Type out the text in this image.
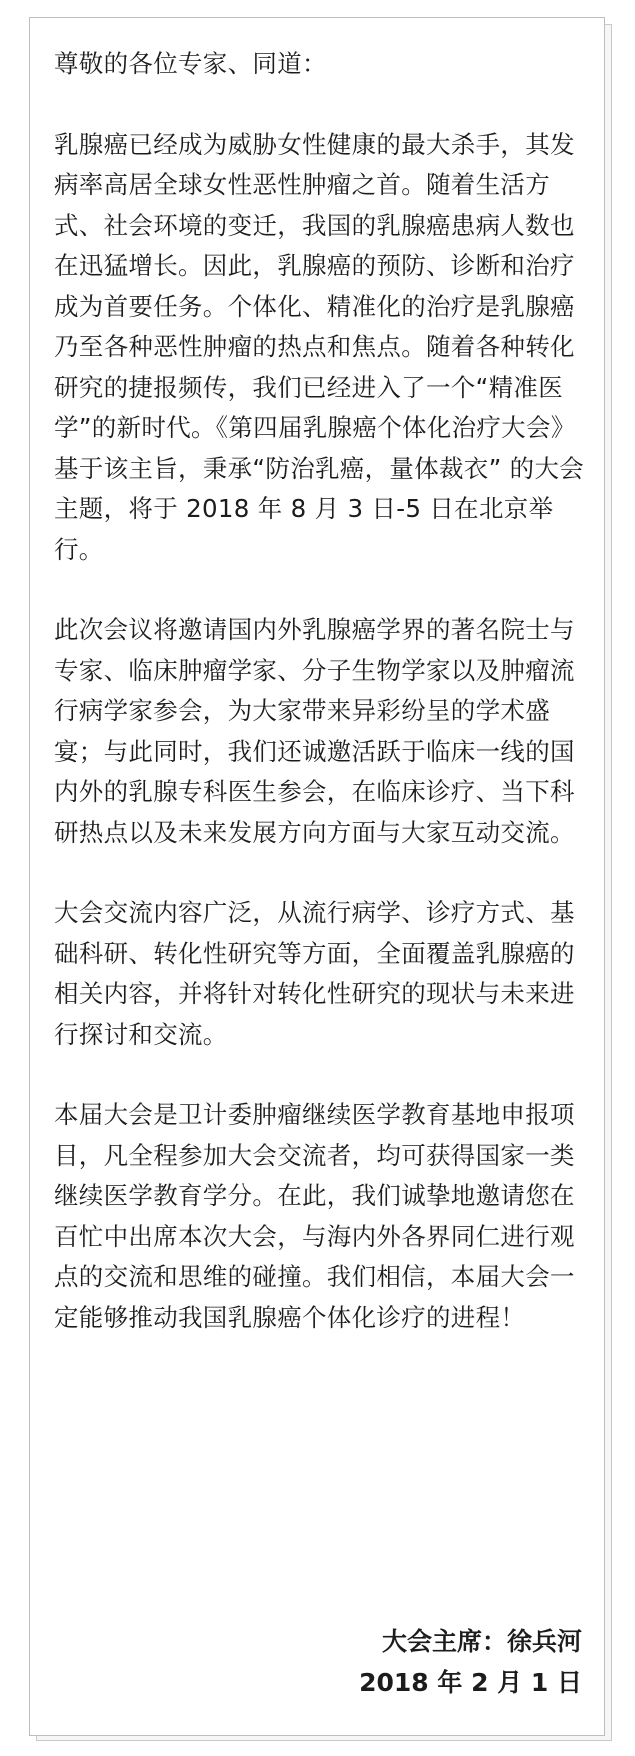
尊敬的各位专家、同道：

乳腺癌已经成为威胁女性健康的最大杀手，其发病率高居全球女性恶性肿瘤之首。随着生活方式、社会环境的变迁，我国的乳腺癌患病人数也在迅猛增长。因此，乳腺癌的预防、诊断和治疗成为首要任务。个体化、精准化的治疗是乳腺癌乃至各种恶性肿瘤的热点和焦点。随着各种转化研究的捷报频传，我们已经进入了一个“精准医学”的新时代。《第四届乳腺癌个体化治疗大会》基于该主旨，秉承“防治乳癌，量体裁衣” 的大会主题，将于 2018 年 8 月 3 日-5 日在北京举行。

此次会议将邀请国内外乳腺癌学界的著名院士与专家、临床肿瘤学家、分子生物学家以及肿瘤流行病学家参会，为大家带来异彩纷呈的学术盛宴；与此同时，我们还诚邀活跃于临床一线的国内外的乳腺专科医生参会，在临床诊疗、当下科研热点以及未来发展方向方面与大家互动交流。

大会交流内容广泛，从流行病学、诊疗方式、基础科研、转化性研究等方面，全面覆盖乳腺癌的相关内容，并将针对转化性研究的现状与未来进行探讨和交流。

本届大会是卫计委肿瘤继续医学教育基地申报项目，凡全程参加大会交流者，均可获得国家一类继续医学教育学分。在此，我们诚挚地邀请您在百忙中出席本次大会，与海内外各界同仁进行观点的交流和思维的碰撞。我们相信，本届大会一定能够推动我国乳腺癌个体化诊疗的进程！

大会主席：徐兵河
2018 年 2 月 1 日
